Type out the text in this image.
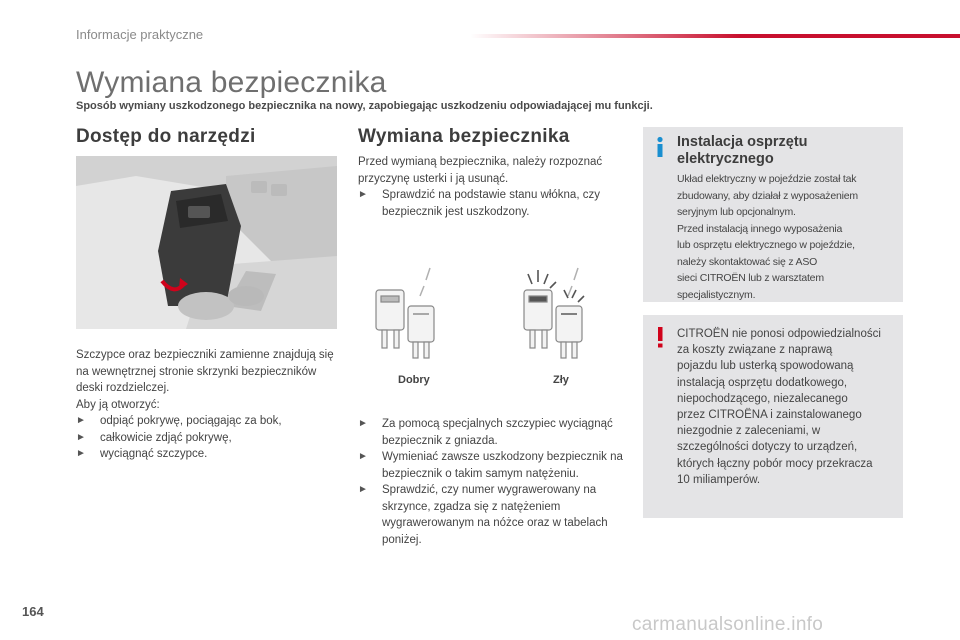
Informacje praktyczne
Wymiana bezpiecznika
Sposób wymiany uszkodzonego bezpiecznika na nowy, zapobiegając uszkodzeniu odpowiadającej mu funkcji.
Dostęp do narzędzi
Szczypce oraz bezpieczniki zamienne znajdują się na wewnętrznej stronie skrzynki bezpieczników deski rozdzielczej.
Aby ją otworzyć:
► odpiąć pokrywę, pociągając za bok,
► całkowicie zdjąć pokrywę,
► wyciągnąć szczypce.
Wymiana bezpiecznika
Przed wymianą bezpiecznika, należy rozpoznać przyczynę usterki i ją usunąć.
► Sprawdzić na podstawie stanu włókna, czy bezpiecznik jest uszkodzony.
Dobry	Zły
► Za pomocą specjalnych szczypiec wyciągnąć bezpiecznik z gniazda.
► Wymieniać zawsze uszkodzony bezpiecznik na bezpiecznik o takim samym natężeniu.
► Sprawdzić, czy numer wygrawerowany na skrzynce, zgadza się z natężeniem wygrawerowanym na nóżce oraz w tabelach poniżej.
Instalacja osprzętu elektrycznego
Układ elektryczny w pojeździe został tak
zbudowany, aby działał z wyposażeniem
seryjnym lub opcjonalnym.
Przed instalacją innego wyposażenia
lub osprzętu elektrycznego w pojeździe,
należy skontaktować się z ASO
sieci CITROËN lub z warsztatem
specjalistycznym.
CITROËN nie ponosi odpowiedzialności
za koszty związane z naprawą
pojazdu lub usterką spowodowaną
instalacją osprzętu dodatkowego,
niepochodzącego, niezalecanego
przez CITROËNA i zainstalowanego
niezgodnie z zaleceniami, w
szczególności dotyczy to urządzeń,
których łączny pobór mocy przekracza
10 miliamperów.
164
carmanualsonline.info
